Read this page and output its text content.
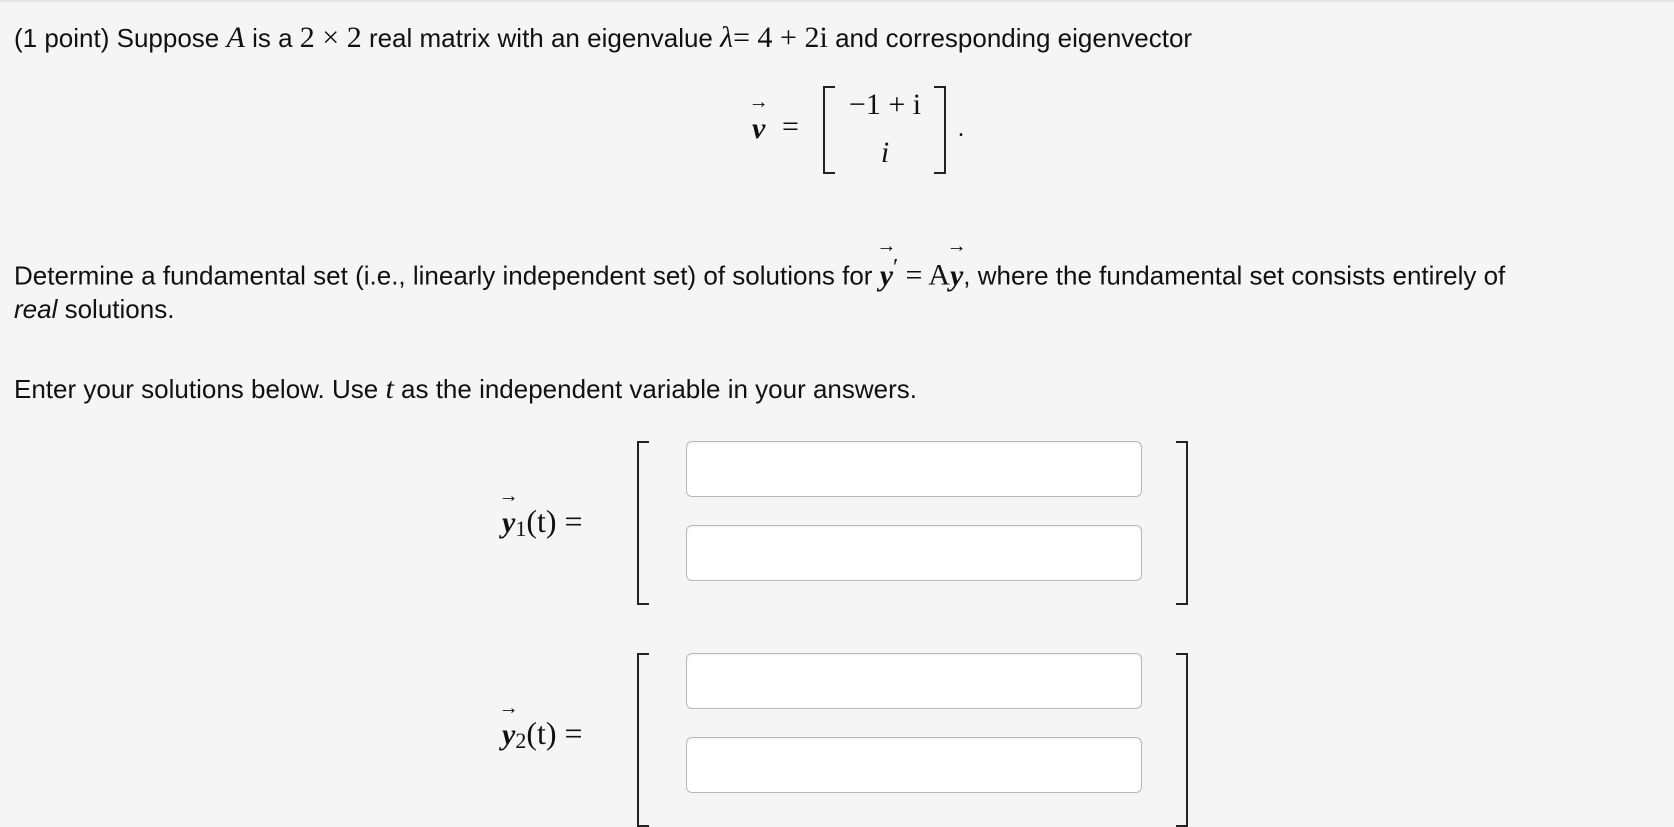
(1 point) Suppose A is a 2 × 2 real matrix with an eigenvalue λ= 4 + 2i and corresponding eigenvector
→
v =
−1 + i
i
.
Determine a fundamental set (i.e., linearly independent set) of solutions for
→
y′ = A
→
y, where the fundamental set consists entirely of
real solutions.
Enter your solutions below. Use t as the independent variable in your answers.
→
y1(t) =
→
y2(t) =
